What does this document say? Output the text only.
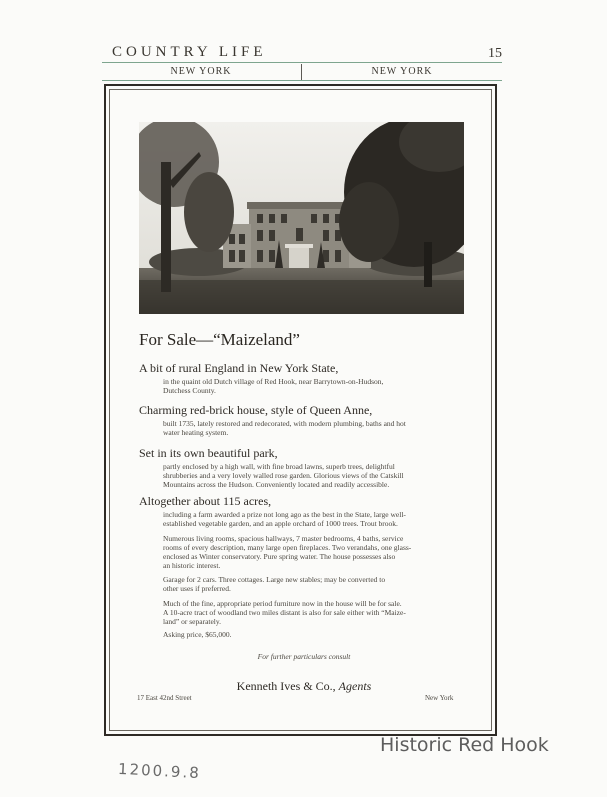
COUNTRY LIFE	15
NEW YORK	NEW YORK
For Sale—“Maizeland”
A bit of rural England in New York State,
in the quaint old Dutch village of Red Hook, near Barrytown-on-Hudson,
Dutchess County.
Charming red-brick house, style of Queen Anne,
built 1735, lately restored and redecorated, with modern plumbing, baths and hot
water heating system.
Set in its own beautiful park,
partly enclosed by a high wall, with fine broad lawns, superb trees, delightful
shrubberies and a very lovely walled rose garden. Glorious views of the Catskill
Mountains across the Hudson. Conveniently located and readily accessible.
Altogether about 115 acres,
including a farm awarded a prize not long ago as the best in the State, large well-
established vegetable garden, and an apple orchard of 1000 trees. Trout brook.
Numerous living rooms, spacious hallways, 7 master bedrooms, 4 baths, service
rooms of every description, many large open fireplaces. Two verandahs, one glass-
enclosed as Winter conservatory. Pure spring water. The house possesses also
an historic interest.
Garage for 2 cars. Three cottages. Large new stables; may be converted to
other uses if preferred.
Much of the fine, appropriate period furniture now in the house will be for sale.
A 10-acre tract of woodland two miles distant is also for sale either with “Maize-
land” or separately.
Asking price, $65,000.
For further particulars consult
Kenneth Ives & Co., Agents
17 East 42nd Street	New York
Historic Red Hook
1200.9.8
